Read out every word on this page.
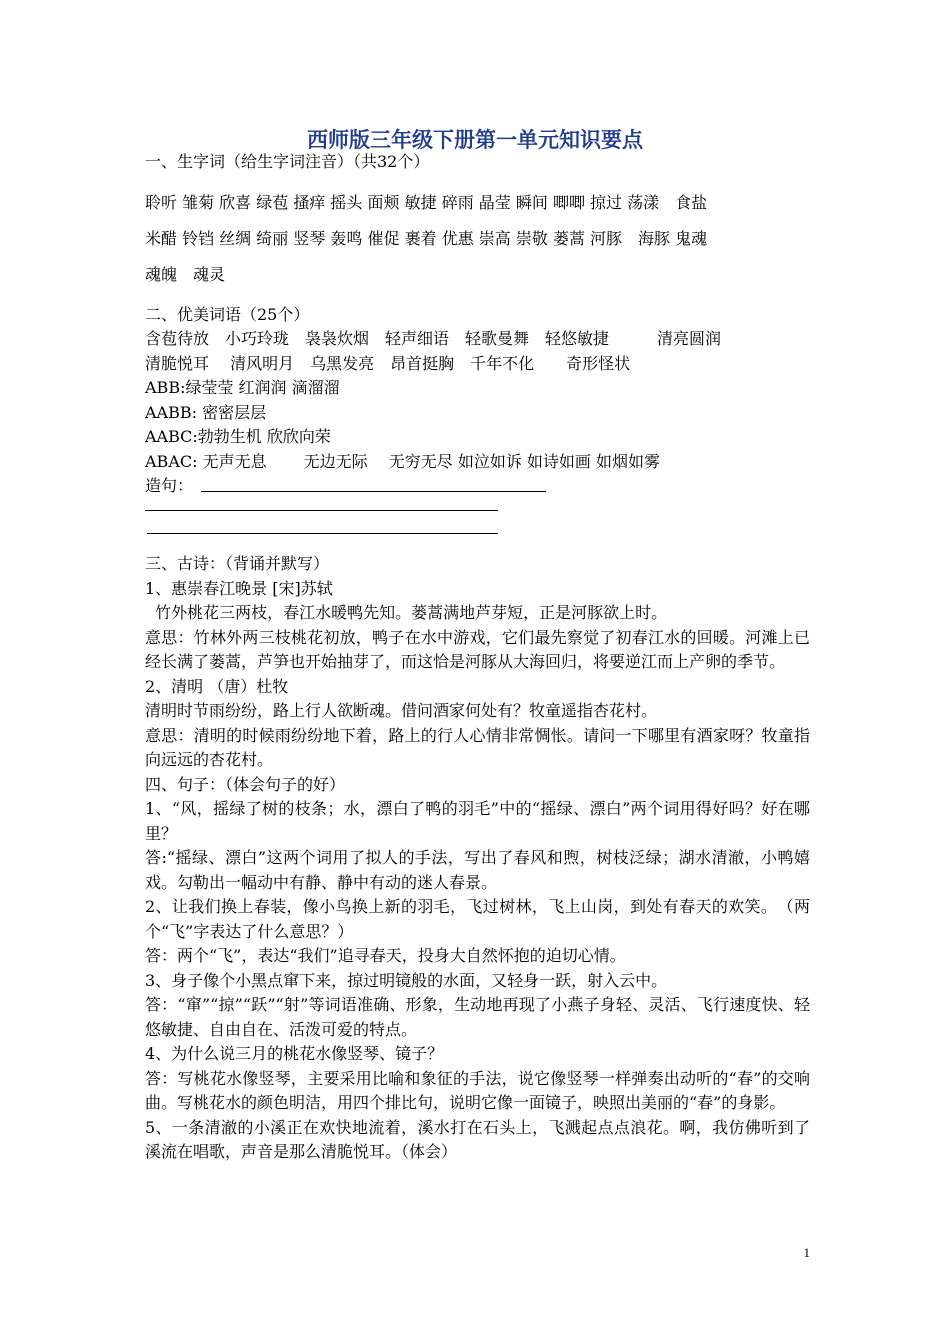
西师版三年级下册第一单元知识要点
一、生字词（给生字词注音）（共32个）
聆听 雏菊 欣喜 绿苞 搔痒 摇头 面颊 敏捷 碎雨 晶莹 瞬间 唧唧 掠过 荡漾　食盐
米醋 铃铛 丝绸 绮丽 竖琴 轰鸣 催促 裹着 优惠 崇高 崇敬 蒌蒿 河豚　海豚 鬼魂
魂魄　魂灵
二、优美词语（25个）
含苞待放　小巧玲珑　袅袅炊烟　轻声细语　轻歌曼舞　轻悠敏捷　　　清亮圆润
清脆悦耳　 清风明月　乌黑发亮　昂首挺胸　千年不化　　奇形怪状
ABB:绿莹莹 红润润 滴溜溜
AABB: 密密层层
AABC:勃勃生机 欣欣向荣
ABAC: 无声无息　　 无边无际　 无穷无尽 如泣如诉 如诗如画 如烟如雾
造句：
三、古诗：（背诵并默写）
1、惠崇春江晚景 [宋]苏轼
竹外桃花三两枝，春江水暖鸭先知。蒌蒿满地芦芽短，正是河豚欲上时。
意思：竹林外两三枝桃花初放，鸭子在水中游戏，它们最先察觉了初春江水的回暖。河滩上已经长满了蒌蒿，芦笋也开始抽芽了，而这恰是河豚从大海回归，将要逆江而上产卵的季节。
2、清明 （唐）杜牧
清明时节雨纷纷，路上行人欲断魂。借问酒家何处有？牧童遥指杏花村。
意思：清明的时候雨纷纷地下着，路上的行人心情非常惆怅。请问一下哪里有酒家呀？牧童指向远远的杏花村。
四、句子：（体会句子的好）
1、“风，摇绿了树的枝条；水，漂白了鸭的羽毛”中的“摇绿、漂白”两个词用得好吗？好在哪里？
答:“摇绿、漂白”这两个词用了拟人的手法，写出了春风和煦，树枝泛绿；湖水清澈，小鸭嬉戏。勾勒出一幅动中有静、静中有动的迷人春景。
2、让我们换上春装，像小鸟换上新的羽毛，飞过树林，飞上山岗，到处有春天的欢笑。　（两个“飞”字表达了什么意思？）
答：两个“飞”，表达“我们”追寻春天，投身大自然怀抱的迫切心情。
3、身子像个小黑点窜下来，掠过明镜般的水面，又轻身一跃，射入云中。
答：“窜”“掠”“跃”“射”等词语准确、形象，生动地再现了小燕子身轻、灵活、飞行速度快、轻悠敏捷、自由自在、活泼可爱的特点。
4、为什么说三月的桃花水像竖琴、镜子？
答：写桃花水像竖琴，主要采用比喻和象征的手法，说它像竖琴一样弹奏出动听的“春”的交响曲。写桃花水的颜色明洁，用四个排比句，说明它像一面镜子，映照出美丽的“春”的身影。
5、一条清澈的小溪正在欢快地流着，溪水打在石头上，飞溅起点点浪花。啊，我仿佛听到了溪流在唱歌，声音是那么清脆悦耳。（体会）
1
